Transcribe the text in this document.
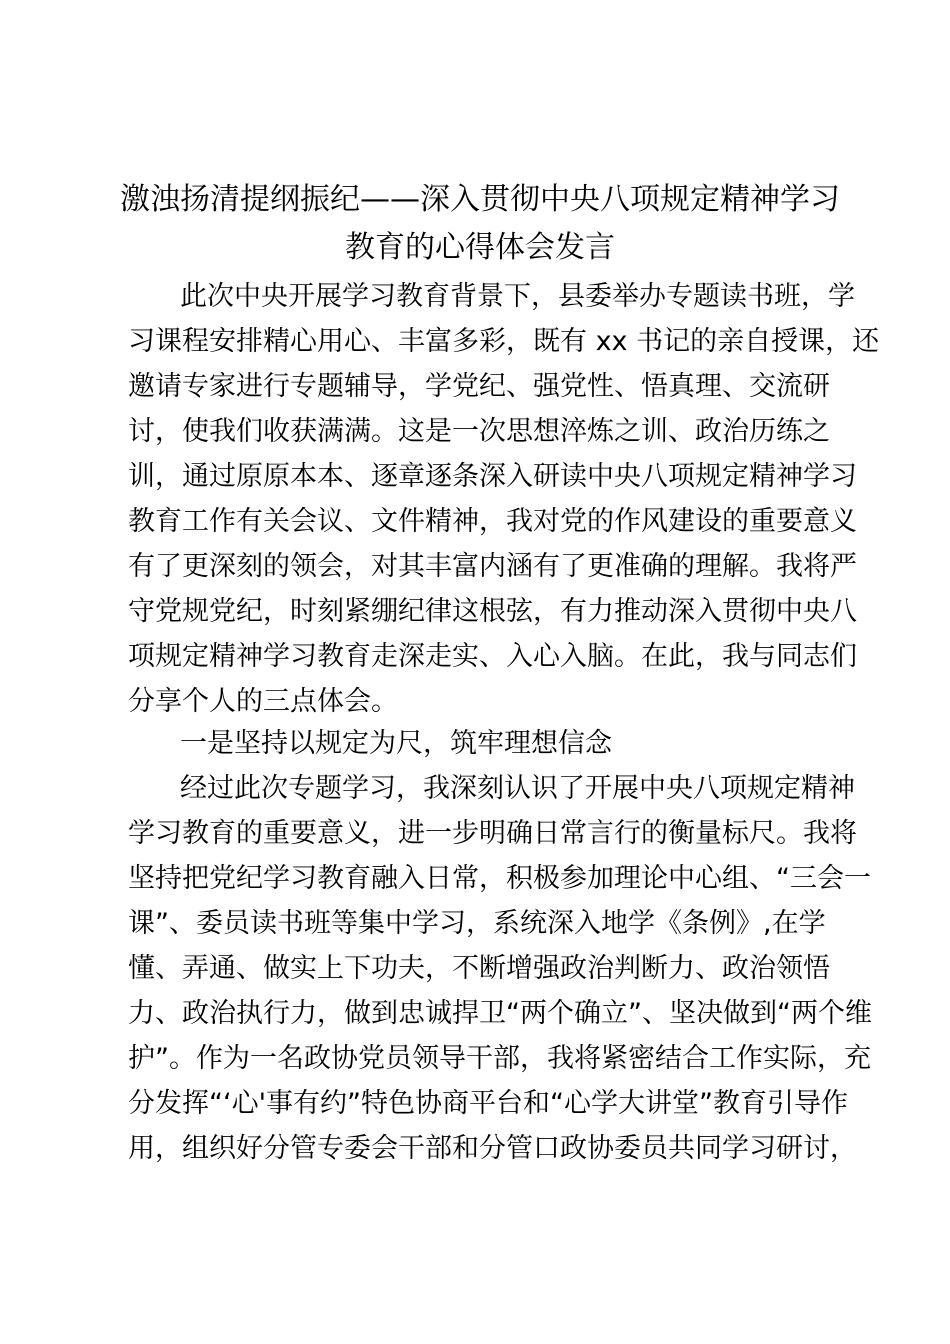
激浊扬清提纲振纪——深入贯彻中央八项规定精神学习
教育的心得体会发言

此次中央开展学习教育背景下，县委举办专题读书班，学

习课程安排精心用心、丰富多彩，既有 xx 书记的亲自授课，还

邀请专家进行专题辅导，学党纪、强党性、悟真理、交流研

讨，使我们收获满满。这是一次思想淬炼之训、政治历练之

训，通过原原本本、逐章逐条深入研读中央八项规定精神学习

教育工作有关会议、文件精神，我对党的作风建设的重要意义

有了更深刻的领会，对其丰富内涵有了更准确的理解。我将严

守党规党纪，时刻紧绷纪律这根弦，有力推动深入贯彻中央八

项规定精神学习教育走深走实、入心入脑。在此，我与同志们

分享个人的三点体会。

一是坚持以规定为尺，筑牢理想信念

经过此次专题学习，我深刻认识了开展中央八项规定精神

学习教育的重要意义，进一步明确日常言行的衡量标尺。我将

坚持把党纪学习教育融入日常，积极参加理论中心组、“三会一

课”、委员读书班等集中学习，系统深入地学《条例》,在学

懂、弄通、做实上下功夫，不断增强政治判断力、政治领悟

力、政治执行力，做到忠诚捍卫“两个确立”、坚决做到“两个维

护”。作为一名政协党员领导干部，我将紧密结合工作实际，充

分发挥“‘心'事有约”特色协商平台和“心学大讲堂”教育引导作

用，组织好分管专委会干部和分管口政协委员共同学习研讨，
